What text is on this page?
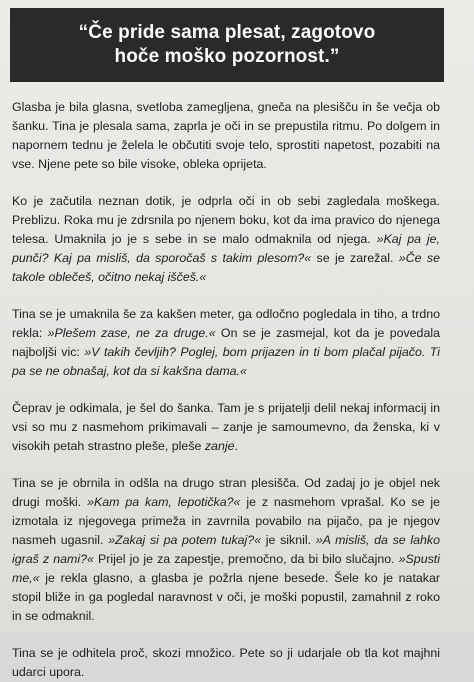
“Če pride sama plesat, zagotovo
hoče moško pozornost.”

Glasba je bila glasna, svetloba zamegljena, gneča na plesišču in še večja ob šanku. Tina je plesala sama, zaprla je oči in se prepustila ritmu. Po dolgem in napornem tednu je želela le občutiti svoje telo, sprostiti napetost, pozabiti na vse. Njene pete so bile visoke, obleka oprijeta.

Ko je začutila neznan dotik, je odprla oči in ob sebi zagledala moškega. Preblizu. Roka mu je zdrsnila po njenem boku, kot da ima pravico do njenega telesa. Umaknila jo je s sebe in se malo odmaknila od njega. »Kaj pa je, punči? Kaj pa misliš, da sporočaš s takim plesom?« se je zarežal. »Če se takole oblečeš, očitno nekaj iščeš.«

Tina se je umaknila še za kakšen meter, ga odločno pogledala in tiho, a trdno rekla: »Plešem zase, ne za druge.« On se je zasmejal, kot da je povedala najboljši vic: »V takih čevljih? Poglej, bom prijazen in ti bom plačal pijačo. Ti pa se ne obnašaj, kot da si kakšna dama.«

Čeprav je odkimala, je šel do šanka. Tam je s prijatelji delil nekaj informacij in vsi so mu z nasmehom prikimavali – zanje je samoumevno, da ženska, ki v visokih petah strastno pleše, pleše zanje.

Tina se je obrnila in odšla na drugo stran plesišča. Od zadaj jo je objel nek drugi moški. »Kam pa kam, lepotička?« je z nasmehom vprašal. Ko se je izmotala iz njegovega primeža in zavrnila povabilo na pijačo, pa je njegov nasmeh ugasnil. »Zakaj si pa potem tukaj?« je siknil. »A misliš, da se lahko igraš z nami?« Prijel jo je za zapestje, premočno, da bi bilo slučajno. »Spusti me,« je rekla glasno, a glasba je požrla njene besede. Šele ko je natakar stopil bliže in ga pogledal naravnost v oči, je moški popustil, zamahnil z roko in se odmaknil.

Tina se je odhitela proč, skozi množico. Pete so ji udarjale ob tla kot majhni udarci upora.
